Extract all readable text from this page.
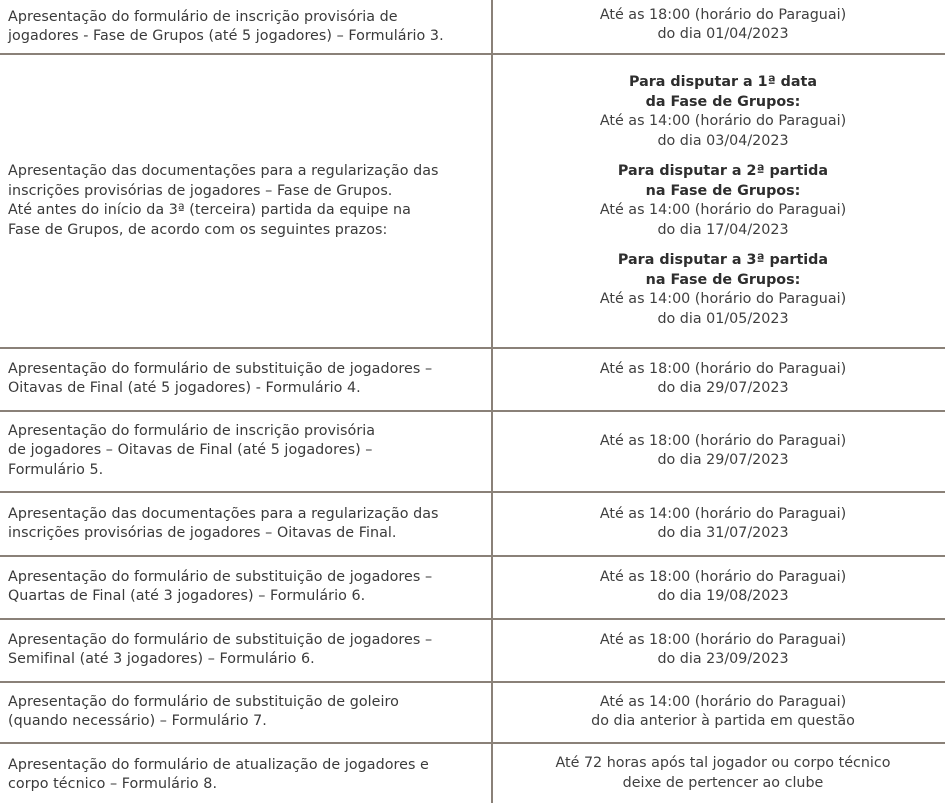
Apresentação do formulário de inscrição provisória de
jogadores - Fase de Grupos (até 5 jogadores) – Formulário 3.
Até as 18:00 (horário do Paraguai)
do dia 01/04/2023
Apresentação das documentações para a regularização das
inscrições provisórias de jogadores – Fase de Grupos.
Até antes do início da 3ª (terceira) partida da equipe na
Fase de Grupos, de acordo com os seguintes prazos:
Para disputar a 1ª data
da Fase de Grupos:
Até as 14:00 (horário do Paraguai)
do dia 03/04/2023
Para disputar a 2ª partida
na Fase de Grupos:
Até as 14:00 (horário do Paraguai)
do dia 17/04/2023
Para disputar a 3ª partida
na Fase de Grupos:
Até as 14:00 (horário do Paraguai)
do dia 01/05/2023
Apresentação do formulário de substituição de jogadores –
Oitavas de Final (até 5 jogadores) - Formulário 4.
Até as 18:00 (horário do Paraguai)
do dia 29/07/2023
Apresentação do formulário de inscrição provisória
de jogadores – Oitavas de Final (até 5 jogadores) –
Formulário 5.
Até as 18:00 (horário do Paraguai)
do dia 29/07/2023
Apresentação das documentações para a regularização das
inscrições provisórias de jogadores – Oitavas de Final.
Até as 14:00 (horário do Paraguai)
do dia 31/07/2023
Apresentação do formulário de substituição de jogadores –
Quartas de Final (até 3 jogadores) – Formulário 6.
Até as 18:00 (horário do Paraguai)
do dia 19/08/2023
Apresentação do formulário de substituição de jogadores –
Semifinal (até 3 jogadores) – Formulário 6.
Até as 18:00 (horário do Paraguai)
do dia 23/09/2023
Apresentação do formulário de substituição de goleiro
(quando necessário) – Formulário 7.
Até as 14:00 (horário do Paraguai)
do dia anterior à partida em questão
Apresentação do formulário de atualização de jogadores e
corpo técnico – Formulário 8.
Até 72 horas após tal jogador ou corpo técnico
deixe de pertencer ao clube
